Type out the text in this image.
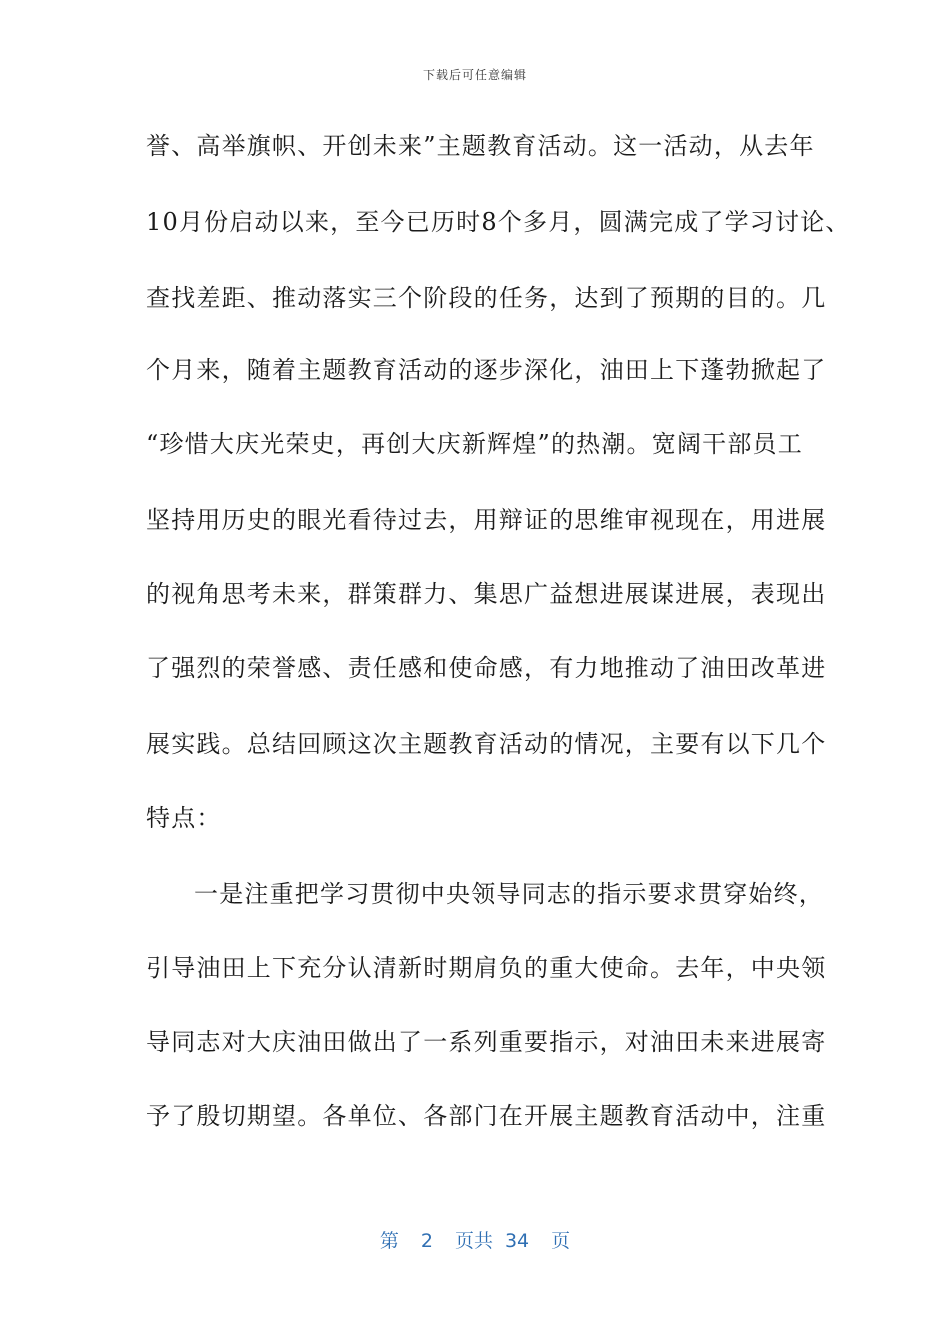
下载后可任意编辑
誉、高举旗帜、开创未来”主题教育活动。这一活动，从去年
10月份启动以来，至今已历时8个多月，圆满完成了学习讨论、
查找差距、推动落实三个阶段的任务，达到了预期的目的。几
个月来，随着主题教育活动的逐步深化，油田上下蓬勃掀起了
“珍惜大庆光荣史，再创大庆新辉煌”的热潮。宽阔干部员工
坚持用历史的眼光看待过去，用辩证的思维审视现在，用进展
的视角思考未来，群策群力、集思广益想进展谋进展，表现出
了强烈的荣誉感、责任感和使命感，有力地推动了油田改革进
展实践。总结回顾这次主题教育活动的情况，主要有以下几个
特点：
一是注重把学习贯彻中央领导同志的指示要求贯穿始终，
引导油田上下充分认清新时期肩负的重大使命。去年，中央领
导同志对大庆油田做出了一系列重要指示，对油田未来进展寄
予了殷切期望。各单位、各部门在开展主题教育活动中，注重
第 2 页共 34 页
